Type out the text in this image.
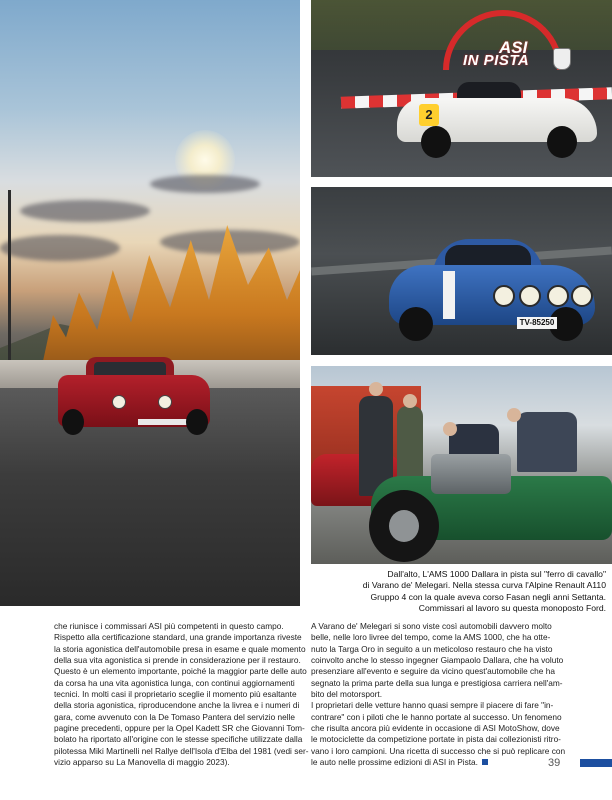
2
ASI
IN PISTA
TV-85250
Dall'alto, L'AMS 1000 Dallara in pista sul "ferro di cavallo"
di Varano de' Melegari. Nella stessa curva l'Alpine Renault A110
Gruppo 4 con la quale aveva corso Fasan negli anni Settanta.
Commissari al lavoro su questa monoposto Ford.
che riunisce i commissari ASI più competenti in questo campo.
Rispetto alla certificazione standard, una grande importanza riveste
la storia agonistica dell'automobile presa in esame e quale momento
della sua vita agonistica si prende in considerazione per il restauro.
Questo è un elemento importante, poiché la maggior parte delle auto
da corsa ha una vita agonistica lunga, con continui aggiornamenti
tecnici. In molti casi il proprietario sceglie il momento più esaltante
della storia agonistica, riproducendone anche la livrea e i numeri di
gara, come avvenuto con la De Tomaso Pantera del servizio nelle
pagine precedenti, oppure per la Opel Kadett SR che Giovanni Tom-
bolato ha riportato all'origine con le stesse specifiche utilizzate dalla
pilotessa Miki Martinelli nel Rallye dell'Isola d'Elba del 1981 (vedi ser-
vizio apparso su La Manovella di maggio 2023).
A Varano de' Melegari si sono viste così automobili davvero molto
belle, nelle loro livree del tempo, come la AMS 1000, che ha otte-
nuto la Targa Oro in seguito a un meticoloso restauro che ha visto
coinvolto anche lo stesso ingegner Giampaolo Dallara, che ha voluto
presenziare all'evento e seguire da vicino quest'automobile che ha
segnato la prima parte della sua lunga e prestigiosa carriera nell'am-
bito del motorsport.
I proprietari delle vetture hanno quasi sempre il piacere di fare "in-
contrare" con i piloti che le hanno portate al successo. Un fenomeno
che risulta ancora più evidente in occasione di ASI MotoShow, dove
le motociclette da competizione portate in pista dai collezionisti ritro-
vano i loro campioni. Una ricetta di successo che si può replicare con
le auto nelle prossime edizioni di ASI in Pista.	39
